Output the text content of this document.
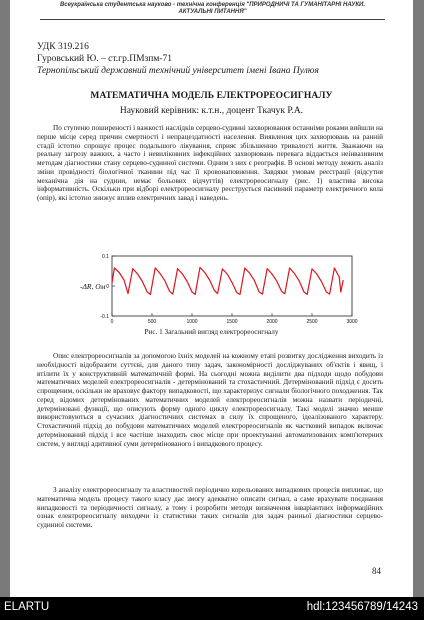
Всеукраїнська студентська науково - технічна конференція "ПРИРОДНИЧІ ТА ГУМАНІТАРНІ НАУКИ.
АКТУАЛЬНІ ПИТАННЯ"
УДК 319.216
Гуровський Ю. – ст.гр.ПМзпм-71
Тернопільський державний технічний університет імені Івана Пулюя
МАТЕМАТИЧНА МОДЕЛЬ ЕЛЕКТРОРЕОСИГНАЛУ
Науковий керівник: к.т.н., доцент Ткачук Р.А.

По ступеню поширеності і важкості наслідків серцево-судинні захворювання останніми роками вийшли на перше місце серед причин смертності і непрацездатності населення. Виявлення цих захворювань на ранній стадії істотно спрощує процес подальшого лікування, сприяє збільшенню тривалості життя. Зважаючи на реальну загрозу важких, а часто і невиліковних інфекційних захворювань перевага віддається неінвазивним методам діагностики стану серцево-судинної системи. Одним з них є реографія. В основі методу лежить аналіз зміни провідності біологічної тканини під час її кровонаповнення. Завдяки умовам реєстрації (відсутня механічна дія на судини, немає больових відчуттів) електрореосигналу (рис. 1) властива висока інформативність. Оскільки при відборі електрореосигналу реєструється пасивний параметр електричного кола (опір), які істотно знижує вплив електричних завад і наведень.

-ΔR, Ом
0.1
0
-0.1
0	500	1000	1500	2000	2500	3000
Рис. 1 Загальний вигляд електрореосигналу

Опис електрореосигналів за допомогою їхніх моделей на кожному етапі розвитку дослідження виходить із необхідності відобразити суттєві, для даного типу задач, закономірності досліджуваних об'єктів і явищ, і втілити їх у конструктивній математичній формі. На сьогодні можна виділити два підходи щодо побудови математичних моделей електрореосигналів - детермінований та стохастичний. Детермінований підхід є досить спрощеним, оскільки не враховує фактору випадковості, що характеризує сигнали біологічного походження. Так серед відомих детермінованих математичних моделей електрореосигналів можна назвати періодичні, детерміновані функції, що описують форму одного циклу електрореосигналу. Такі моделі значно менше використовуються в сучасних діагностичних системах в силу їх спрощеного, ідеалізованого характеру. Стохастичний підхід до побудови математичних моделей електрореосигналів як частковий випадок включає детермінований підхід і все частіше знаходить своє місце при проектуванні автоматизованих комп'ютерних систем, у вигляді адитивної суми детермінованого і випадкового процесу.

З аналізу електрореосигналу та властивостей періодично корельованих випадкових процесів випливає, що математична модель процесу такого класу дає змогу адекватно описати сигнал, а саме врахувати поєднання випадковості та періодичності сигналу, а тому і розробити методи визначення інваріантних інформаційних ознак електрореосигналу виходячи із статистики таких сигналів для задач ранньої діагностики серцево-судинної системи.

84
ELARTU	hdl:123456789/14243
